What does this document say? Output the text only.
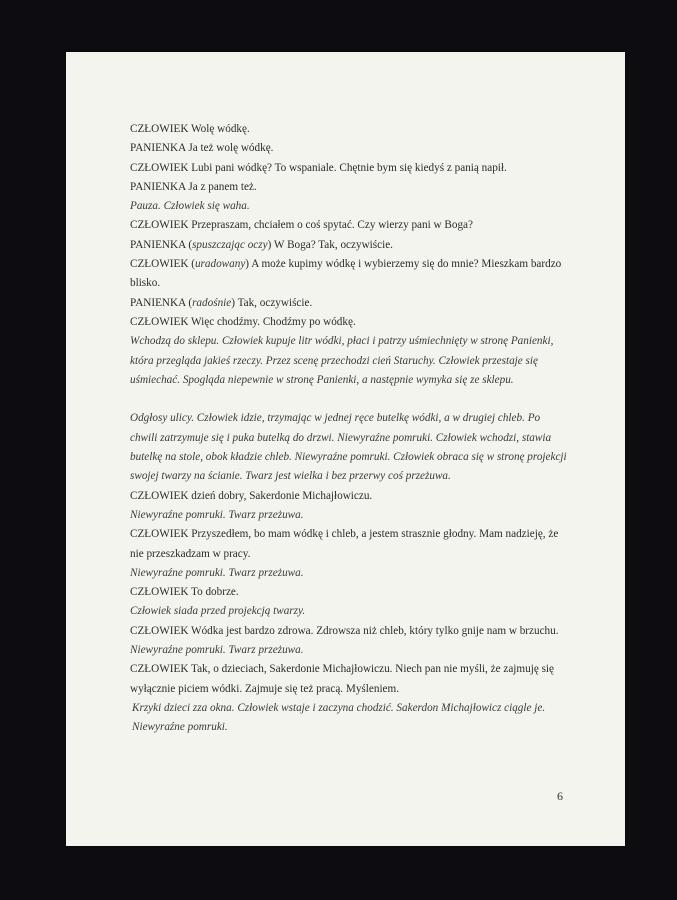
CZŁOWIEK Wolę wódkę.
PANIENKA Ja też wolę wódkę.
CZŁOWIEK Lubi pani wódkę? To wspaniale. Chętnie bym się kiedyś z panią napił.
PANIENKA Ja z panem też.
Pauza. Człowiek się waha.
CZŁOWIEK Przepraszam, chciałem o coś spytać. Czy wierzy pani w Boga?
PANIENKA (spuszczając oczy) W Boga? Tak, oczywiście.
CZŁOWIEK (uradowany) A może kupimy wódkę i wybierzemy się do mnie? Mieszkam bardzo blisko.
PANIENKA (radośnie) Tak, oczywiście.
CZŁOWIEK Więc chodźmy. Chodźmy po wódkę.
Wchodzą do sklepu. Człowiek kupuje litr wódki, płaci i patrzy uśmiechnięty w stronę Panienki, która przegląda jakieś rzeczy. Przez scenę przechodzi cień Staruchy. Człowiek przestaje się uśmiechać. Spogląda niepewnie w stronę Panienki, a następnie wymyka się ze sklepu.
Odgłosy ulicy. Człowiek idzie, trzymając w jednej ręce butelkę wódki, a w drugiej chleb. Po chwili zatrzymuje się i puka butelką do drzwi. Niewyraźne pomruki. Człowiek wchodzi, stawia butelkę na stole, obok kładzie chleb. Niewyraźne pomruki. Człowiek obraca się w stronę projekcji swojej twarzy na ścianie. Twarz jest wielka i bez przerwy coś przeżuwa.
CZŁOWIEK dzień dobry, Sakerdonie Michajłowiczu.
Niewyraźne pomruki. Twarz przeżuwa.
CZŁOWIEK Przyszedłem, bo mam wódkę i chleb, a jestem strasznie głodny. Mam nadzieję, że nie przeszkadzam w pracy.
Niewyraźne pomruki. Twarz przeżuwa.
CZŁOWIEK To dobrze.
Człowiek siada przed projekcją twarzy.
CZŁOWIEK Wódka jest bardzo zdrowa. Zdrowsza niż chleb, który tylko gnije nam w brzuchu.
Niewyraźne pomruki. Twarz przeżuwa.
CZŁOWIEK Tak, o dzieciach, Sakerdonie Michajłowiczu. Niech pan nie myśli, że zajmuję się wyłącznie piciem wódki. Zajmuje się też pracą. Myśleniem.
Krzyki dzieci zza okna. Człowiek wstaje i zaczyna chodzić. Sakerdon Michajłowicz ciągle je. Niewyraźne pomruki.
6
